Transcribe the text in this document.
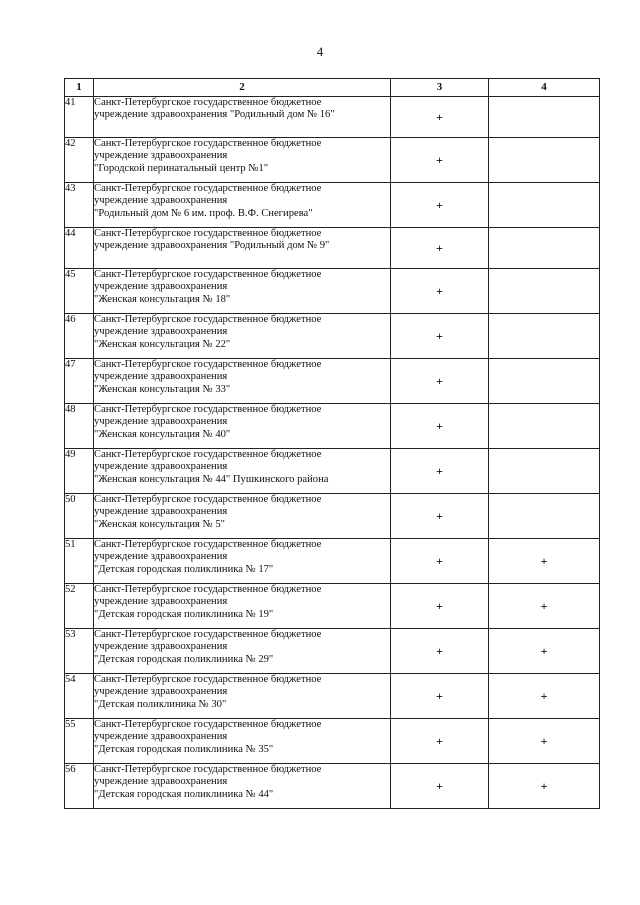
4
1	2	3	4
41	Санкт-Петербургское государственное бюджетное
учреждение здравоохранения "Родильный дом № 16"	+	
42	Санкт-Петербургское государственное бюджетное
учреждение здравоохранения
"Городской перинатальный центр №1"	+	
43	Санкт-Петербургское государственное бюджетное
учреждение здравоохранения
"Родильный дом № 6 им. проф. В.Ф. Снегирева"	+	
44	Санкт-Петербургское государственное бюджетное
учреждение здравоохранения "Родильный дом № 9"	+	
45	Санкт-Петербургское государственное бюджетное
учреждение здравоохранения
"Женская консультация № 18"	+	
46	Санкт-Петербургское государственное бюджетное
учреждение здравоохранения
"Женская консультация № 22"	+	
47	Санкт-Петербургское государственное бюджетное
учреждение здравоохранения
"Женская консультация № 33"	+	
48	Санкт-Петербургское государственное бюджетное
учреждение здравоохранения
"Женская консультация № 40"	+	
49	Санкт-Петербургское государственное бюджетное
учреждение здравоохранения
"Женская консультация № 44" Пушкинского района	+	
50	Санкт-Петербургское государственное бюджетное
учреждение здравоохранения
"Женская консультация № 5"	+	
51	Санкт-Петербургское государственное бюджетное
учреждение здравоохранения
"Детская городская поликлиника № 17"	+	+
52	Санкт-Петербургское государственное бюджетное
учреждение здравоохранения
"Детская городская поликлиника № 19"	+	+
53	Санкт-Петербургское государственное бюджетное
учреждение здравоохранения
"Детская городская поликлиника № 29"	+	+
54	Санкт-Петербургское государственное бюджетное
учреждение здравоохранения
"Детская поликлиника № 30"	+	+
55	Санкт-Петербургское государственное бюджетное
учреждение здравоохранения
"Детская городская поликлиника № 35"	+	+
56	Санкт-Петербургское государственное бюджетное
учреждение здравоохранения
"Детская городская поликлиника № 44"	+	+
